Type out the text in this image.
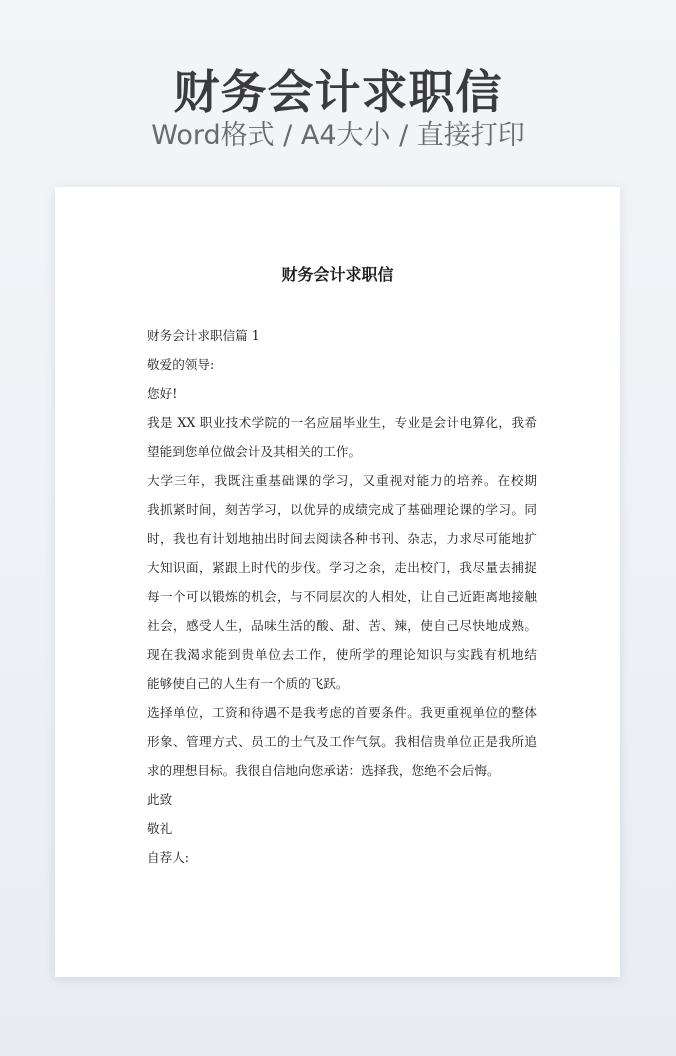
财务会计求职信
Word格式 / A4大小 / 直接打印
财务会计求职信
财务会计求职信篇 1
敬爱的领导:
您好!
我是 XX 职业技术学院的一名应届毕业生，专业是会计电算化，我希
望能到您单位做会计及其相关的工作。
大学三年，我既注重基础课的学习，又重视对能力的培养。在校期
我抓紧时间，刻苦学习，以优异的成绩完成了基础理论课的学习。同
时，我也有计划地抽出时间去阅读各种书刊、杂志，力求尽可能地扩
大知识面，紧跟上时代的步伐。学习之余，走出校门，我尽量去捕捉
每一个可以锻炼的机会，与不同层次的人相处，让自己近距离地接触
社会，感受人生，品味生活的酸、甜、苦、辣，使自己尽快地成熟。
现在我渴求能到贵单位去工作，使所学的理论知识与实践有机地结
能够使自己的人生有一个质的飞跃。
选择单位，工资和待遇不是我考虑的首要条件。我更重视单位的整体
形象、管理方式、员工的士气及工作气氛。我相信贵单位正是我所追
求的理想目标。我很自信地向您承诺：选择我，您绝不会后悔。
此致
敬礼
自荐人:
